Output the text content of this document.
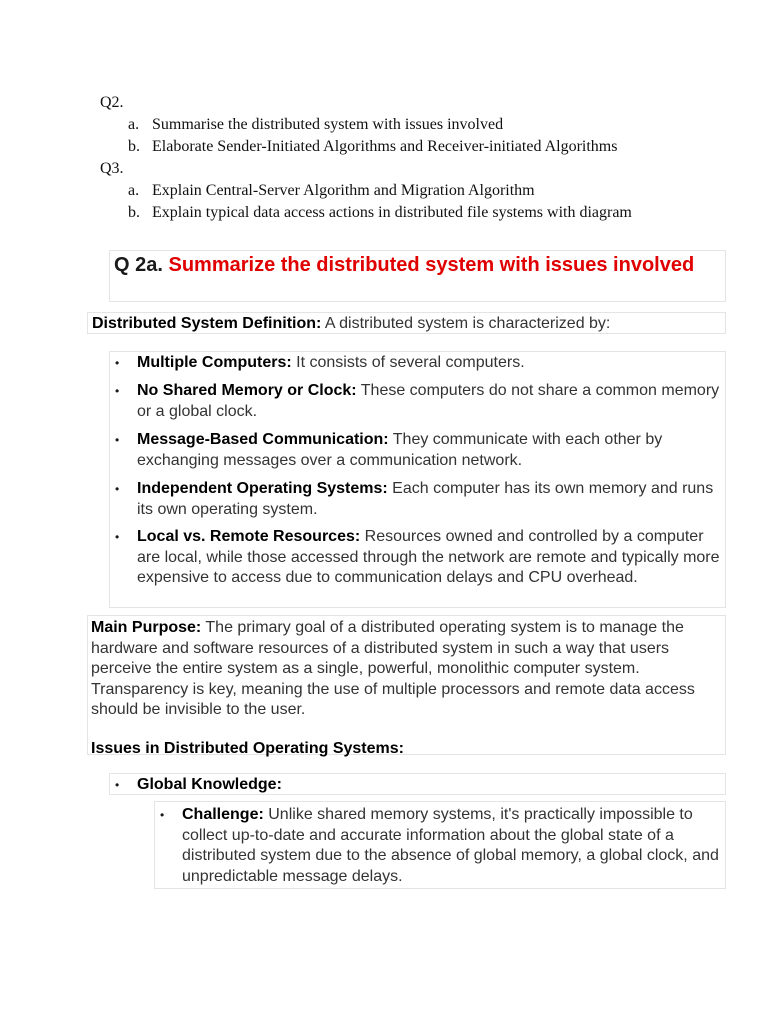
Q2.
a. Summarise the distributed system with issues involved
b. Elaborate Sender-Initiated Algorithms and Receiver-initiated Algorithms
Q3.
a. Explain Central-Server Algorithm and Migration Algorithm
b. Explain typical data access actions in distributed file systems with diagram
Q 2a. Summarize the distributed system with issues involved
Distributed System Definition: A distributed system is characterized by:
• Multiple Computers: It consists of several computers.
• No Shared Memory or Clock: These computers do not share a common memory or a global clock.
• Message-Based Communication: They communicate with each other by exchanging messages over a communication network.
• Independent Operating Systems: Each computer has its own memory and runs its own operating system.
• Local vs. Remote Resources: Resources owned and controlled by a computer are local, while those accessed through the network are remote and typically more expensive to access due to communication delays and CPU overhead.
Main Purpose: The primary goal of a distributed operating system is to manage the hardware and software resources of a distributed system in such a way that users perceive the entire system as a single, powerful, monolithic computer system. Transparency is key, meaning the use of multiple processors and remote data access should be invisible to the user.
Issues in Distributed Operating Systems:
• Global Knowledge:
• Challenge: Unlike shared memory systems, it's practically impossible to collect up-to-date and accurate information about the global state of a distributed system due to the absence of global memory, a global clock, and unpredictable message delays.
